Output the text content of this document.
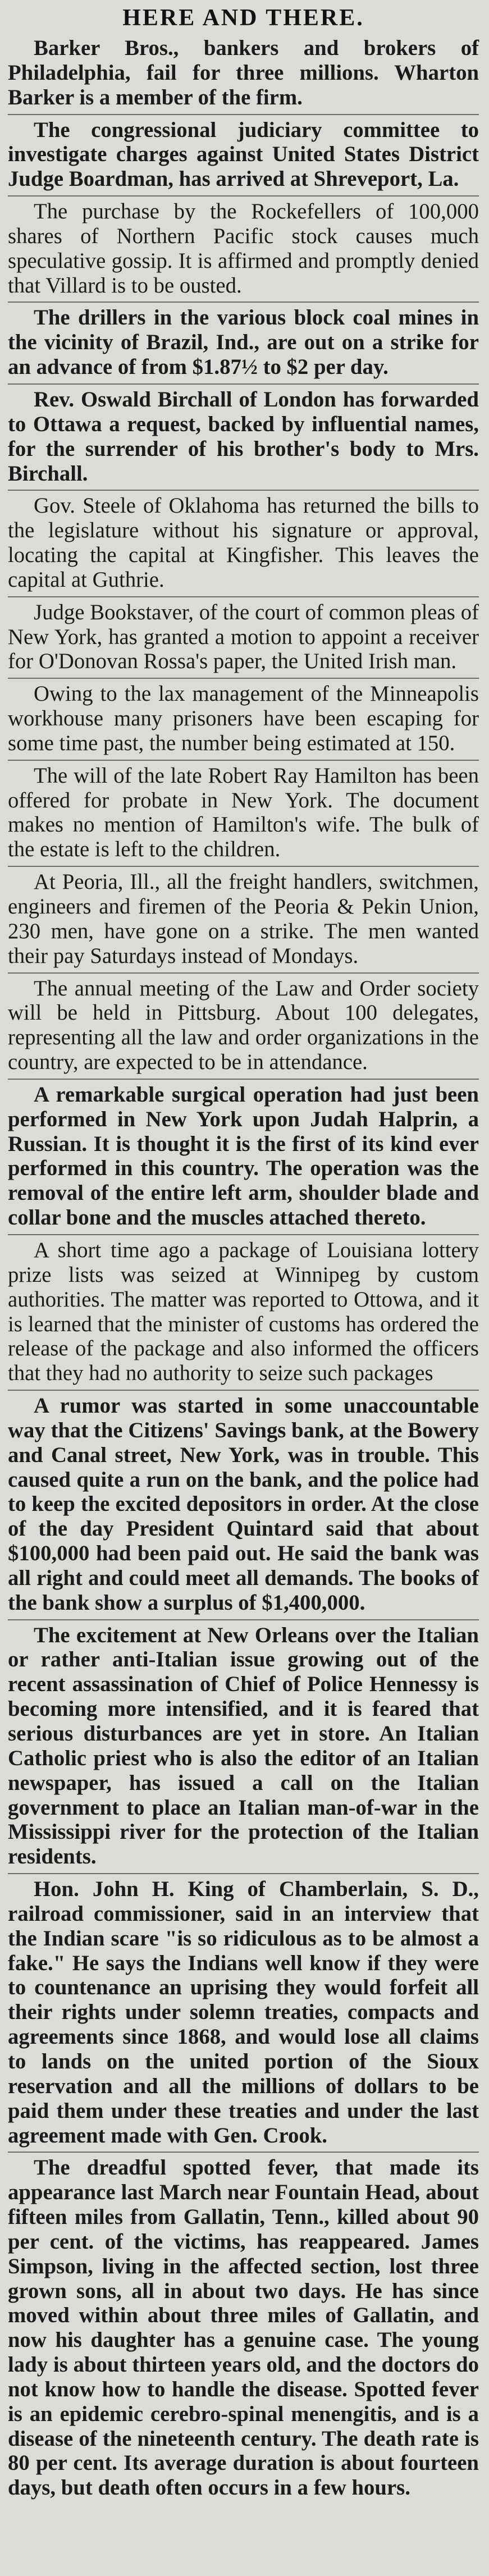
HERE AND THERE.

Barker Bros., bankers and brokers of Philadelphia, fail for three millions. Wharton Barker is a member of the firm.

The congressional judiciary committee to investigate charges against United States District Judge Boardman, has arrived at Shreveport, La.

The purchase by the Rockefellers of 100,000 shares of Northern Pacific stock causes much speculative gossip. It is affirmed and promptly denied that Villard is to be ousted.

The drillers in the various block coal mines in the vicinity of Brazil, Ind., are out on a strike for an advance of from $1.87½ to $2 per day.

Rev. Oswald Birchall of London has forwarded to Ottawa a request, backed by influential names, for the surrender of his brother's body to Mrs. Birchall.

Gov. Steele of Oklahoma has returned the bills to the legislature without his signature or approval, locating the capital at Kingfisher. This leaves the capital at Guthrie.

Judge Bookstaver, of the court of common pleas of New York, has granted a motion to appoint a receiver for O'Donovan Rossa's paper, the United Irish man.

Owing to the lax management of the Minneapolis workhouse many prisoners have been escaping for some time past, the number being estimated at 150.

The will of the late Robert Ray Hamilton has been offered for probate in New York. The document makes no mention of Hamilton's wife. The bulk of the estate is left to the children.

At Peoria, Ill., all the freight handlers, switchmen, engineers and firemen of the Peoria & Pekin Union, 230 men, have gone on a strike. The men wanted their pay Saturdays instead of Mondays.

The annual meeting of the Law and Order society will be held in Pittsburg. About 100 delegates, representing all the law and order organizations in the country, are expected to be in attendance.

A remarkable surgical operation had just been performed in New York upon Judah Halprin, a Russian. It is thought it is the first of its kind ever performed in this country. The operation was the removal of the entire left arm, shoulder blade and collar bone and the muscles attached thereto.

A short time ago a package of Louisiana lottery prize lists was seized at Winnipeg by custom authorities. The matter was reported to Ottowa, and it is learned that the minister of customs has ordered the release of the package and also informed the officers that they had no authority to seize such packages

A rumor was started in some unaccountable way that the Citizens' Savings bank, at the Bowery and Canal street, New York, was in trouble. This caused quite a run on the bank, and the police had to keep the excited depositors in order. At the close of the day President Quintard said that about $100,000 had been paid out. He said the bank was all right and could meet all demands. The books of the bank show a surplus of $1,400,000.

The excitement at New Orleans over the Italian or rather anti-Italian issue growing out of the recent assassination of Chief of Police Hennessy is becoming more intensified, and it is feared that serious disturbances are yet in store. An Italian Catholic priest who is also the editor of an Italian newspaper, has issued a call on the Italian government to place an Italian man-of-war in the Mississippi river for the protection of the Italian residents.

Hon. John H. King of Chamberlain, S. D., railroad commissioner, said in an interview that the Indian scare "is so ridiculous as to be almost a fake." He says the Indians well know if they were to countenance an uprising they would forfeit all their rights under solemn treaties, compacts and agreements since 1868, and would lose all claims to lands on the united portion of the Sioux reservation and all the millions of dollars to be paid them under these treaties and under the last agreement made with Gen. Crook.

The dreadful spotted fever, that made its appearance last March near Fountain Head, about fifteen miles from Gallatin, Tenn., killed about 90 per cent. of the victims, has reappeared. James Simpson, living in the affected section, lost three grown sons, all in about two days. He has since moved within about three miles of Gallatin, and now his daughter has a genuine case. The young lady is about thirteen years old, and the doctors do not know how to handle the disease. Spotted fever is an epidemic cerebro-spinal menengitis, and is a disease of the nineteenth century. The death rate is 80 per cent. Its average duration is about fourteen days, but death often occurs in a few hours.
